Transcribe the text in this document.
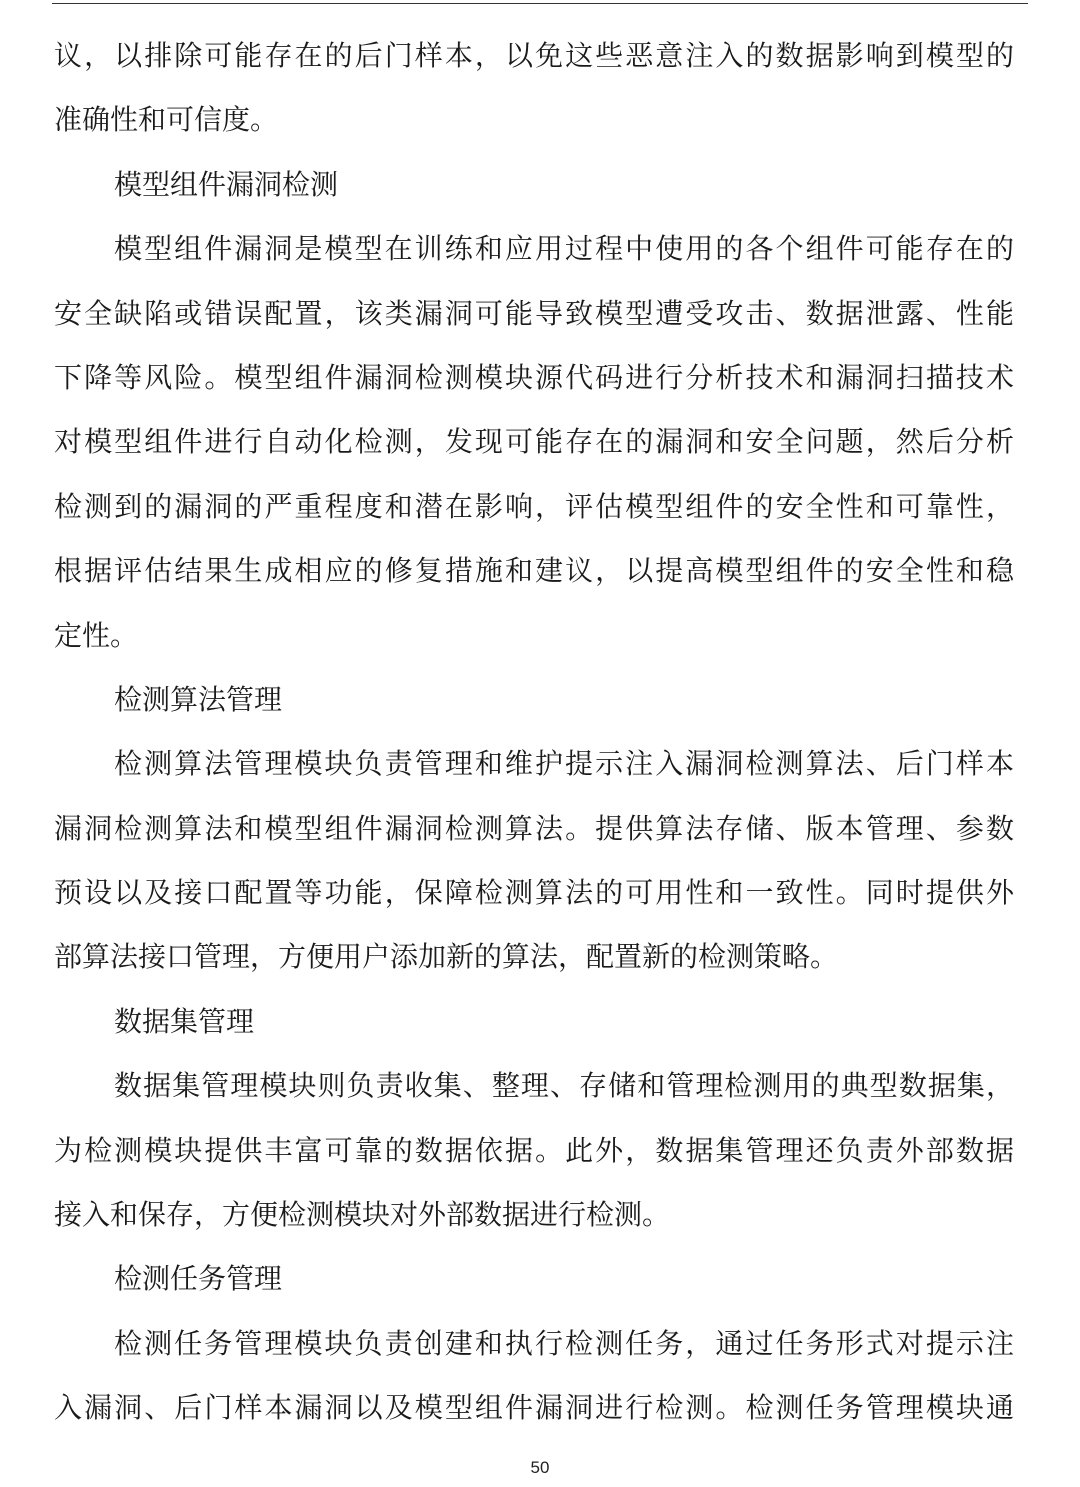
议，以排除可能存在的后门样本，以免这些恶意注入的数据影响到模型的
准确性和可信度。
模型组件漏洞检测
模型组件漏洞是模型在训练和应用过程中使用的各个组件可能存在的
安全缺陷或错误配置，该类漏洞可能导致模型遭受攻击、数据泄露、性能
下降等风险。模型组件漏洞检测模块源代码进行分析技术和漏洞扫描技术
对模型组件进行自动化检测，发现可能存在的漏洞和安全问题，然后分析
检测到的漏洞的严重程度和潜在影响，评估模型组件的安全性和可靠性，
根据评估结果生成相应的修复措施和建议，以提高模型组件的安全性和稳
定性。
检测算法管理
检测算法管理模块负责管理和维护提示注入漏洞检测算法、后门样本
漏洞检测算法和模型组件漏洞检测算法。提供算法存储、版本管理、参数
预设以及接口配置等功能，保障检测算法的可用性和一致性。同时提供外
部算法接口管理，方便用户添加新的算法，配置新的检测策略。
数据集管理
数据集管理模块则负责收集、整理、存储和管理检测用的典型数据集，
为检测模块提供丰富可靠的数据依据。此外，数据集管理还负责外部数据
接入和保存，方便检测模块对外部数据进行检测。
检测任务管理
检测任务管理模块负责创建和执行检测任务，通过任务形式对提示注
入漏洞、后门样本漏洞以及模型组件漏洞进行检测。检测任务管理模块通
50
